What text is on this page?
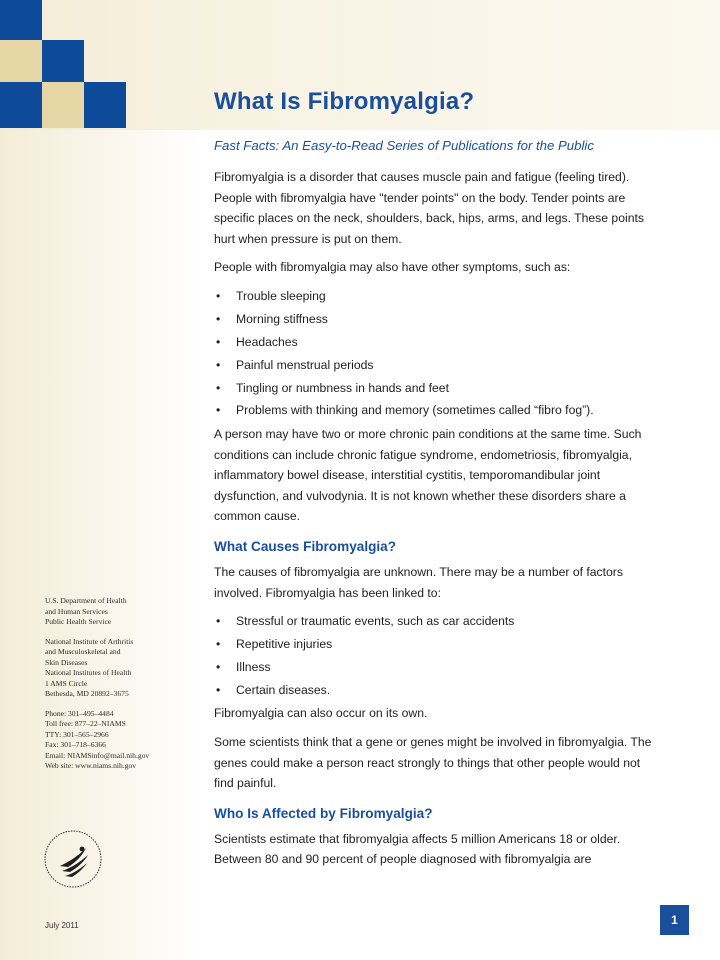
What Is Fibromyalgia?
Fast Facts: An Easy-to-Read Series of Publications for the Public

Fibromyalgia is a disorder that causes muscle pain and fatigue (feeling tired). People with fibromyalgia have "tender points" on the body. Tender points are specific places on the neck, shoulders, back, hips, arms, and legs. These points hurt when pressure is put on them.

People with fibromyalgia may also have other symptoms, such as:

• Trouble sleeping
• Morning stiffness
• Headaches
• Painful menstrual periods
• Tingling or numbness in hands and feet
• Problems with thinking and memory (sometimes called “fibro fog”).

A person may have two or more chronic pain conditions at the same time. Such conditions can include chronic fatigue syndrome, endometriosis, fibromyalgia, inflammatory bowel disease, interstitial cystitis, temporomandibular joint dysfunction, and vulvodynia. It is not known whether these disorders share a common cause.

What Causes Fibromyalgia?

The causes of fibromyalgia are unknown. There may be a number of factors involved. Fibromyalgia has been linked to:

• Stressful or traumatic events, such as car accidents
• Repetitive injuries
• Illness
• Certain diseases.

Fibromyalgia can also occur on its own.

Some scientists think that a gene or genes might be involved in fibromyalgia. The genes could make a person react strongly to things that other people would not find painful.

Who Is Affected by Fibromyalgia?
Scientists estimate that fibromyalgia affects 5 million Americans 18 or older.
Between 80 and 90 percent of people diagnosed with fibromyalgia are
U.S. Department of Health
and Human Services
Public Health Service
National Institute of Arthritis
and Musculoskeletal and
Skin Diseases
National Institutes of Health
1 AMS Circle
Bethesda, MD 20892–3675
Phone: 301–495–4484
Toll free: 877–22–NIAMS
TTY: 301–565–2966
Fax: 301–718–6366
Email: NIAMSinfo@mail.nih.gov
Web site: www.niams.nih.gov
July 2011	1
